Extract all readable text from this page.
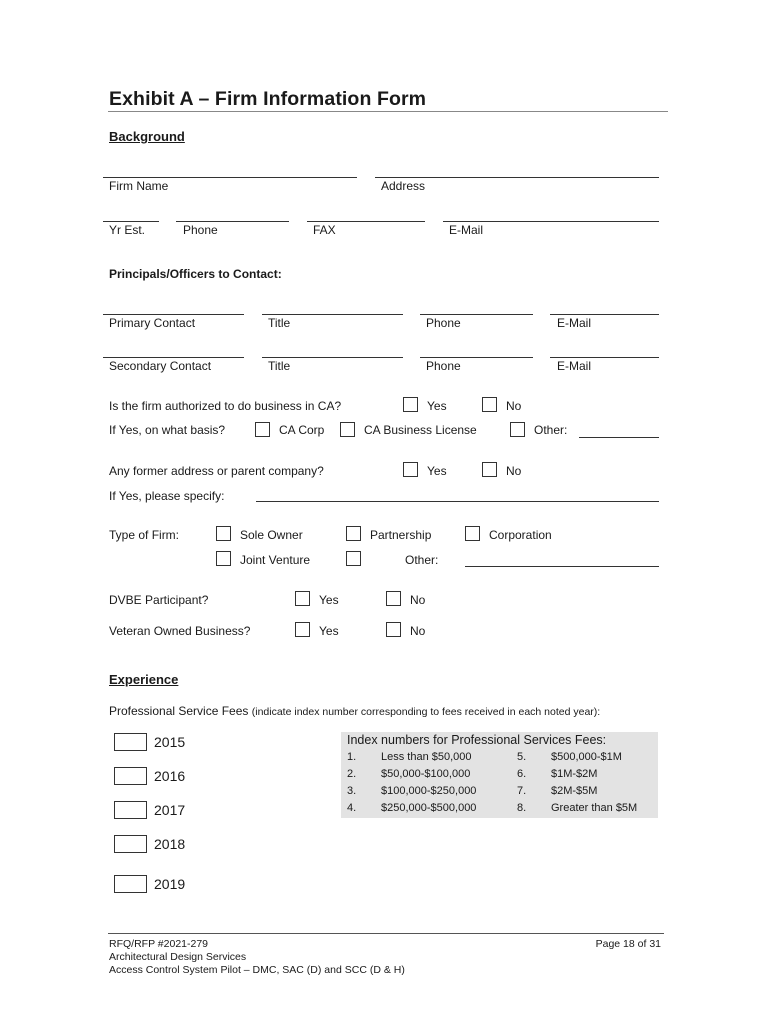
Exhibit A – Firm Information Form
Background
Firm Name	Address
Yr Est.	Phone	FAX	E-Mail
Principals/Officers to Contact:
Primary Contact	Title	Phone	E-Mail
Secondary Contact	Title	Phone	E-Mail
Is the firm authorized to do business in CA?	Yes	No
If Yes, on what basis?	CA Corp	CA Business License	Other:
Any former address or parent company?	Yes	No
If Yes, please specify:
Type of Firm:	Sole Owner	Partnership	Corporation
Joint Venture	Other:
DVBE Participant?	Yes	No
Veteran Owned Business?	Yes	No
Experience
Professional Service Fees (indicate index number corresponding to fees received in each noted year):
2015
2016
2017
2018
2019
Index numbers for Professional Services Fees:
1. Less than $50,000	5. $500,000-$1M
2. $50,000-$100,000	6. $1M-$2M
3. $100,000-$250,000	7. $2M-$5M
4. $250,000-$500,000	8. Greater than $5M
RFQ/RFP #2021-279
Architectural Design Services
Access Control System Pilot – DMC, SAC (D) and SCC (D & H)
Page 18 of 31
